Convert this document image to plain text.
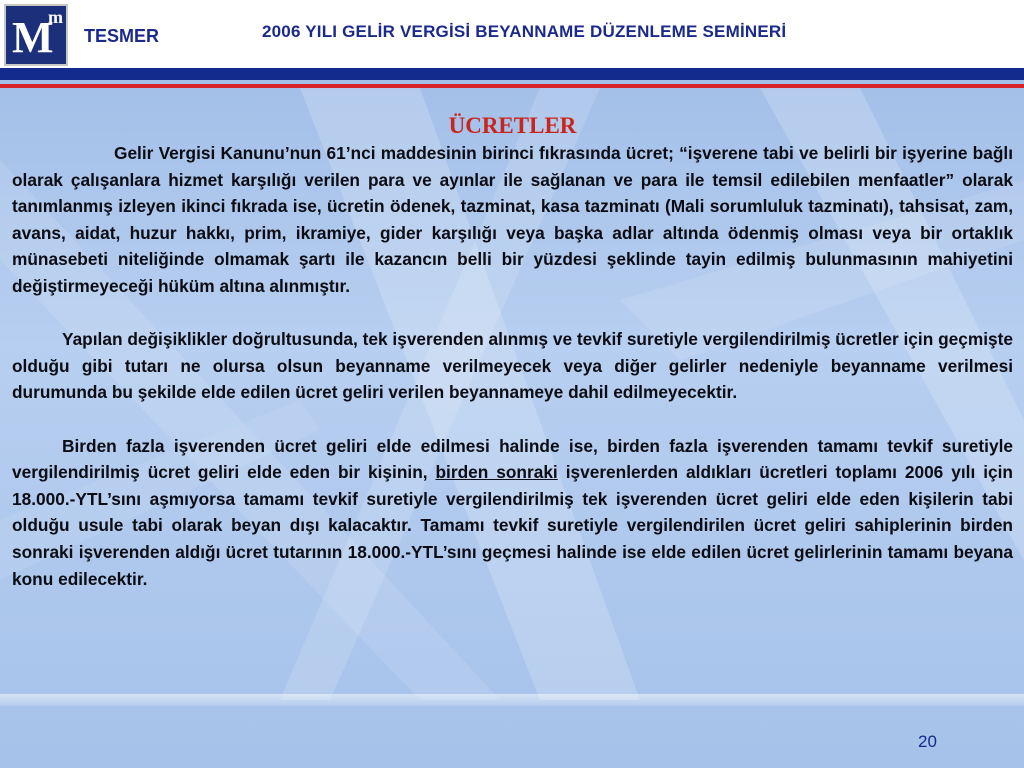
M
m
TESMER	2006 YILI GELİR VERGİSİ BEYANNAME DÜZENLEME SEMİNERİ
ÜCRETLER

Gelir Vergisi Kanunu’nun 61’nci maddesinin birinci fıkrasında ücret; “işverene tabi ve belirli bir işyerine bağlı olarak çalışanlara hizmet karşılığı verilen para ve ayınlar ile sağlanan ve para ile temsil edilebilen menfaatler” olarak tanımlanmış izleyen ikinci fıkrada ise, ücretin ödenek, tazminat, kasa tazminatı (Mali sorumluluk tazminatı), tahsisat, zam, avans, aidat, huzur hakkı, prim, ikramiye, gider karşılığı veya başka adlar altında ödenmiş olması veya bir ortaklık münasebeti niteliğinde olmamak şartı ile kazancın belli bir yüzdesi şeklinde tayin edilmiş bulunmasının mahiyetini değiştirmeyeceği hüküm altına alınmıştır.

Yapılan değişiklikler doğrultusunda, tek işverenden alınmış ve tevkif suretiyle vergilendirilmiş ücretler için geçmişte olduğu gibi tutarı ne olursa olsun beyanname verilmeyecek veya diğer gelirler nedeniyle beyanname verilmesi durumunda bu şekilde elde edilen ücret geliri verilen beyannameye dahil edilmeyecektir.

Birden fazla işverenden ücret geliri elde edilmesi halinde ise, birden fazla işverenden tamamı tevkif suretiyle vergilendirilmiş ücret geliri elde eden bir kişinin, birden sonraki işverenlerden aldıkları ücretleri toplamı 2006 yılı için 18.000.-YTL’sını aşmıyorsa tamamı tevkif suretiyle vergilendirilmiş tek işverenden ücret geliri elde eden kişilerin tabi olduğu usule tabi olarak beyan dışı kalacaktır. Tamamı tevkif suretiyle vergilendirilen ücret geliri sahiplerinin birden sonraki işverenden aldığı ücret tutarının 18.000.-YTL’sını geçmesi halinde ise elde edilen ücret gelirlerinin tamamı beyana konu edilecektir.

20
